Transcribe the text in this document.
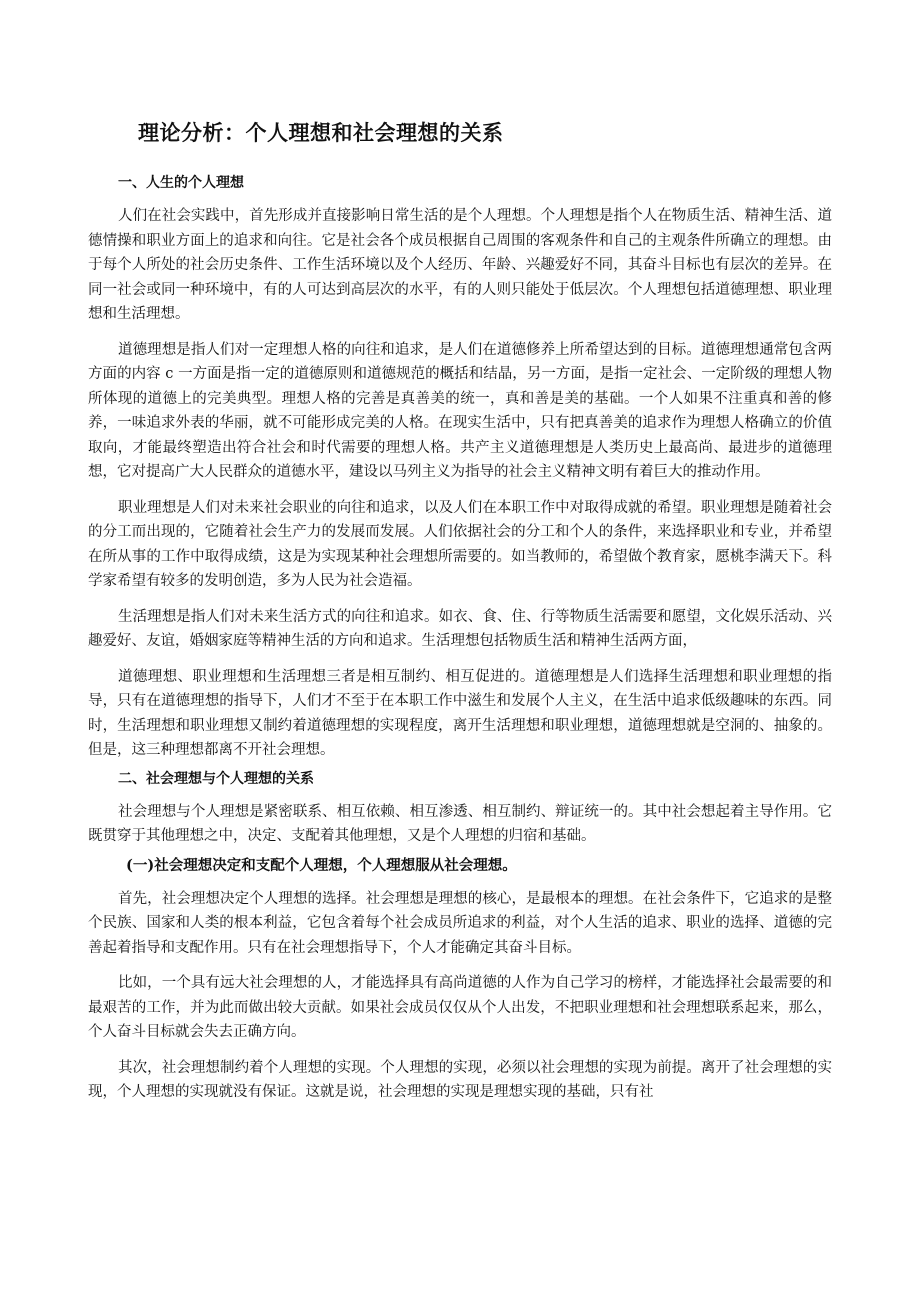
理论分析：个人理想和社会理想的关系
一、人生的个人理想

人们在社会实践中，首先形成并直接影响日常生活的是个人理想。个人理想是指个人在物质生活、精神生活、道德情操和职业方面上的追求和向往。它是社会各个成员根据自己周围的客观条件和自己的主观条件所确立的理想。由于每个人所处的社会历史条件、工作生活环境以及个人经历、年龄、兴趣爱好不同，其奋斗目标也有层次的差异。在同一社会或同一种环境中，有的人可达到高层次的水平，有的人则只能处于低层次。个人理想包括道德理想、职业理想和生活理想。

道德理想是指人们对一定理想人格的向往和追求，是人们在道德修养上所希望达到的目标。道德理想通常包含两方面的内容 c 一方面是指一定的道德原则和道德规范的概括和结晶，另一方面，是指一定社会、一定阶级的理想人物所体现的道德上的完美典型。理想人格的完善是真善美的统一，真和善是美的基础。一个人如果不注重真和善的修养，一味追求外表的华丽，就不可能形成完美的人格。在现实生活中，只有把真善美的追求作为理想人格确立的价值取向，才能最终塑造出符合社会和时代需要的理想人格。共产主义道德理想是人类历史上最高尚、最进步的道德理想，它对提高广大人民群众的道德水平，建设以马列主义为指导的社会主义精神文明有着巨大的推动作用。

职业理想是人们对未来社会职业的向往和追求，以及人们在本职工作中对取得成就的希望。职业理想是随着社会的分工而出现的，它随着社会生产力的发展而发展。人们依据社会的分工和个人的条件，来选择职业和专业，并希望在所从事的工作中取得成绩，这是为实现某种社会理想所需要的。如当教师的，希望做个教育家，愿桃李满天下。科学家希望有较多的发明创造，多为人民为社会造福。

生活理想是指人们对未来生活方式的向往和追求。如衣、食、住、行等物质生活需要和愿望，文化娱乐活动、兴趣爱好、友谊，婚姻家庭等精神生活的方向和追求。生活理想包括物质生活和精神生活两方面，

道德理想、职业理想和生活理想三者是相互制约、相互促进的。道德理想是人们选择生活理想和职业理想的指导，只有在道德理想的指导下，人们才不至于在本职工作中滋生和发展个人主义，在生活中追求低级趣味的东西。同时，生活理想和职业理想又制约着道德理想的实现程度，离开生活理想和职业理想，道德理想就是空洞的、抽象的。但是，这三种理想都离不开社会理想。

二、社会理想与个人理想的关系

社会理想与个人理想是紧密联系、相互依赖、相互渗透、相互制约、辩证统一的。其中社会想起着主导作用。它既贯穿于其他理想之中，决定、支配着其他理想，又是个人理想的归宿和基础。

(一)社会理想决定和支配个人理想，个人理想服从社会理想。

首先，社会理想决定个人理想的选择。社会理想是理想的核心，是最根本的理想。在社会条件下，它追求的是整个民族、国家和人类的根本利益，它包含着每个社会成员所追求的利益，对个人生活的追求、职业的选择、道德的完善起着指导和支配作用。只有在社会理想指导下，个人才能确定其奋斗目标。

比如，一个具有远大社会理想的人，才能选择具有高尚道德的人作为自己学习的榜样，才能选择社会最需要的和最艰苦的工作，并为此而做出较大贡献。如果社会成员仅仅从个人出发，不把职业理想和社会理想联系起来，那么，个人奋斗目标就会失去正确方向。

其次，社会理想制约着个人理想的实现。个人理想的实现，必须以社会理想的实现为前提。离开了社会理想的实现，个人理想的实现就没有保证。这就是说，社会理想的实现是理想实现的基础，只有社
